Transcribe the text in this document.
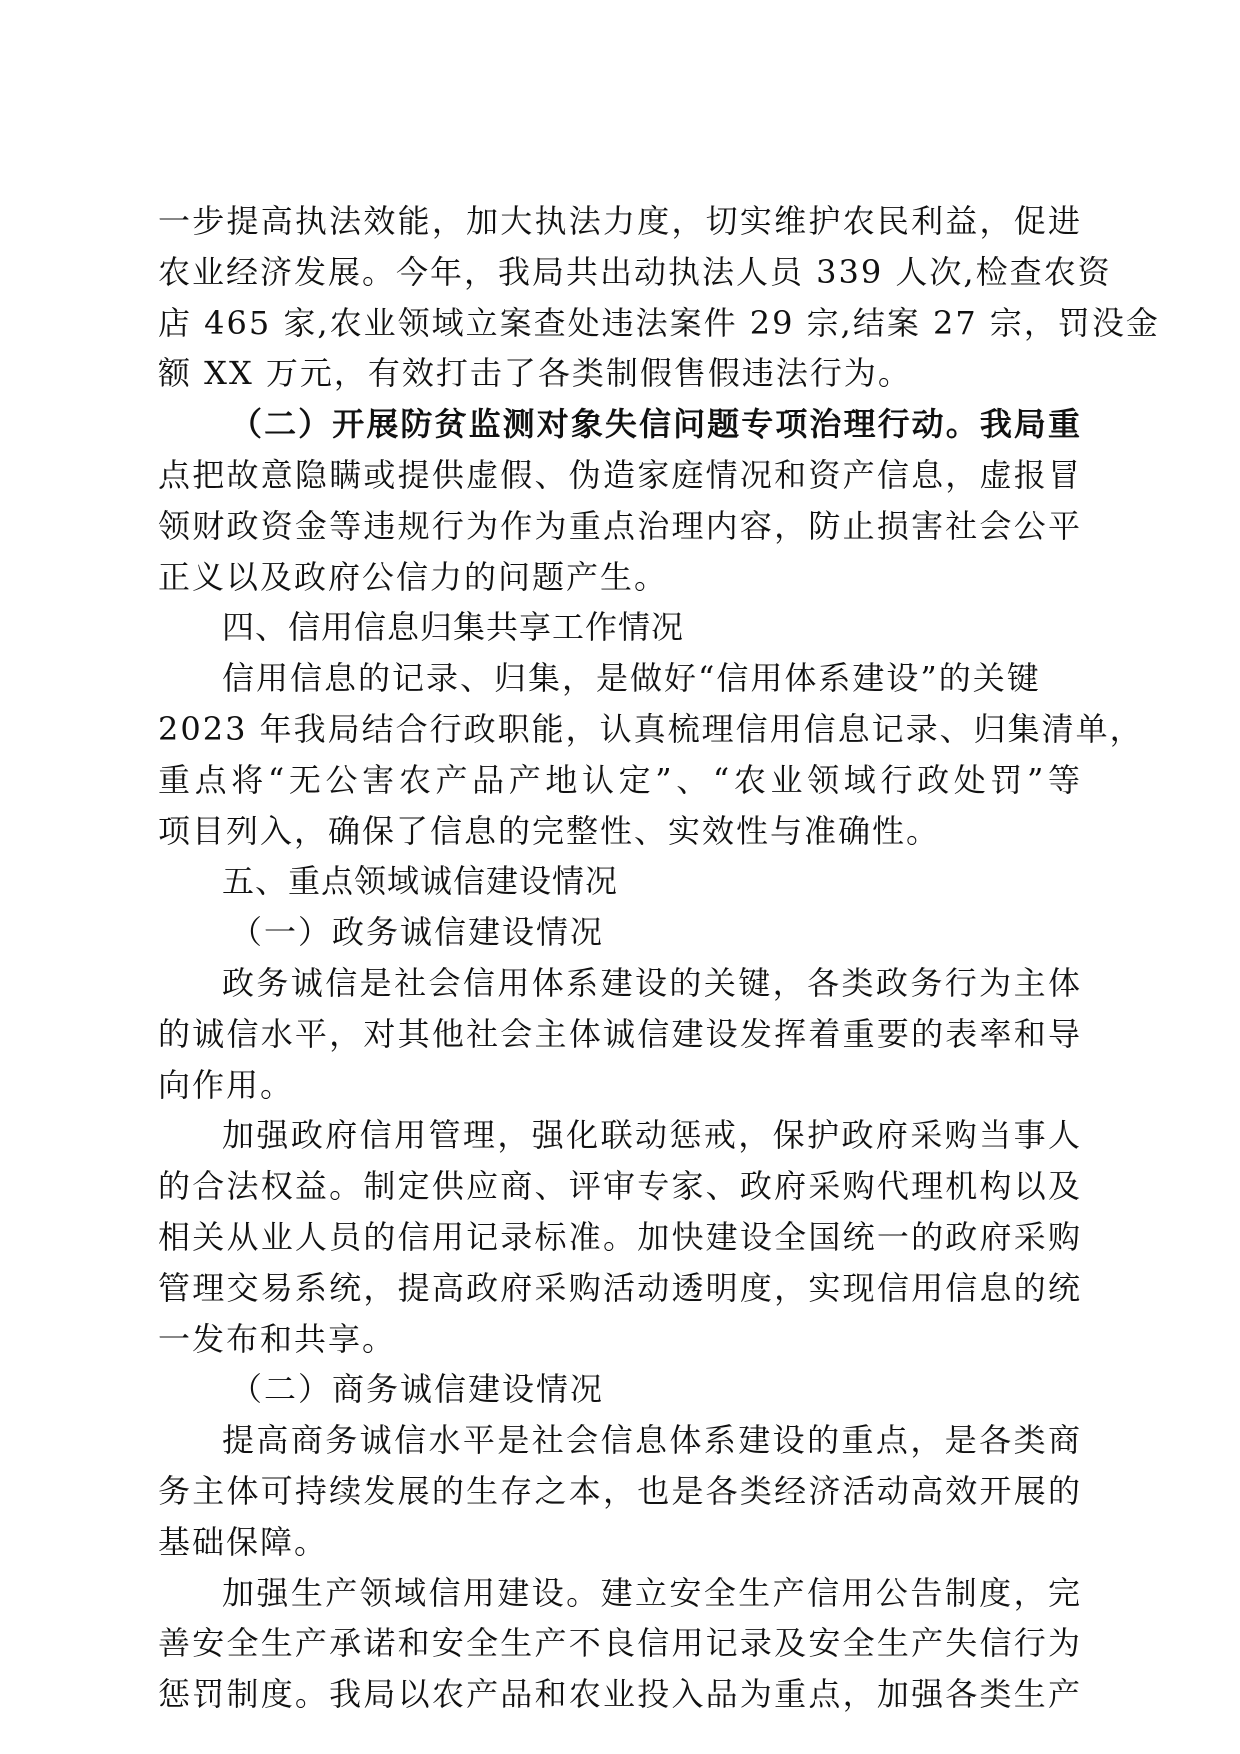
一步提高执法效能，加大执法力度，切实维护农民利益，促进
农业经济发展。今年，我局共出动执法人员 339 人次,检查农资
店 465 家,农业领域立案查处违法案件 29 宗,结案 27 宗，罚没金
额 XX 万元，有效打击了各类制假售假违法行为。
（二）开展防贫监测对象失信问题专项治理行动。我局重
点把故意隐瞒或提供虚假、伪造家庭情况和资产信息，虚报冒
领财政资金等违规行为作为重点治理内容，防止损害社会公平
正义以及政府公信力的问题产生。
四、信用信息归集共享工作情况
信用信息的记录、归集，是做好“信用体系建设”的关键
2023 年我局结合行政职能，认真梳理信用信息记录、归集清单，
重点将“无公害农产品产地认定”、“农业领域行政处罚”等
项目列入，确保了信息的完整性、实效性与准确性。
五、重点领域诚信建设情况
（一）政务诚信建设情况
政务诚信是社会信用体系建设的关键，各类政务行为主体
的诚信水平，对其他社会主体诚信建设发挥着重要的表率和导
向作用。
加强政府信用管理，强化联动惩戒，保护政府采购当事人
的合法权益。制定供应商、评审专家、政府采购代理机构以及
相关从业人员的信用记录标准。加快建设全国统一的政府采购
管理交易系统，提高政府采购活动透明度，实现信用信息的统
一发布和共享。
（二）商务诚信建设情况
提高商务诚信水平是社会信息体系建设的重点，是各类商
务主体可持续发展的生存之本，也是各类经济活动高效开展的
基础保障。
加强生产领域信用建设。建立安全生产信用公告制度，完
善安全生产承诺和安全生产不良信用记录及安全生产失信行为
惩罚制度。我局以农产品和农业投入品为重点，加强各类生产
